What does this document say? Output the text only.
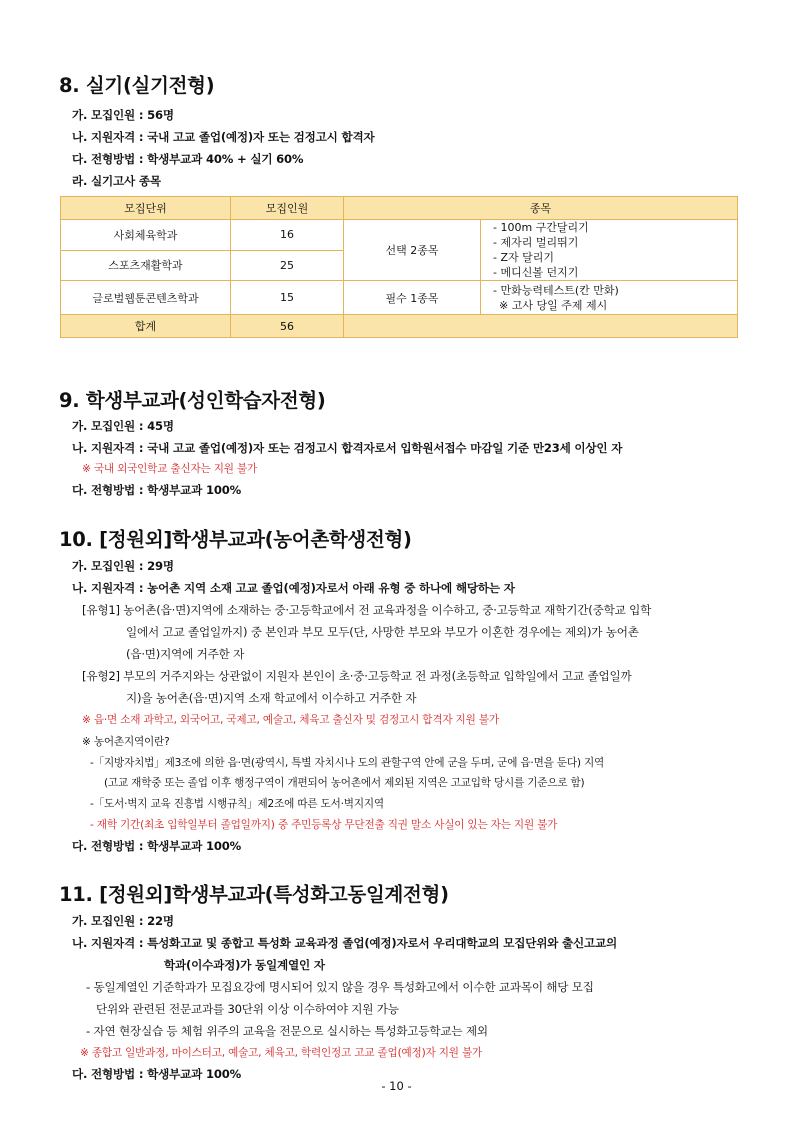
8. 실기(실기전형)

가. 모집인원 : 56명

나. 지원자격 : 국내 고교 졸업(예정)자 또는 검정고시 합격자

다. 전형방법 : 학생부교과 40% + 실기 60%

라. 실기고사 종목

모집단위	모집인원	종목	
사회체육학과	16	선택 2종목	- 100m 구간달리기
- 제자리 멀리뛰기
- Z자 달리기
- 메디신볼 던지기

스포츠재활학과	25		
글로벌웹툰콘텐츠학과	15	필수 1종목	- 만화능력테스트(칸 만화)
※ 고사 당일 주제 제시

합계	56		
9. 학생부교과(성인학습자전형)

가. 모집인원 : 45명

나. 지원자격 : 국내 고교 졸업(예정)자 또는 검정고시 합격자로서 입학원서접수 마감일 기준 만23세 이상인 자

※ 국내 외국인학교 출신자는 지원 불가

다. 전형방법 : 학생부교과 100%

10. [정원외]학생부교과(농어촌학생전형)

가. 모집인원 : 29명

나. 지원자격 : 농어촌 지역 소재 고교 졸업(예정)자로서 아래 유형 중 하나에 해당하는 자

[유형1] 농어촌(읍·면)지역에 소재하는 중·고등학교에서 전 교육과정을 이수하고, 중·고등학교 재학기간(중학교 입학

일에서 고교 졸업일까지) 중 본인과 부모 모두(단, 사망한 부모와 부모가 이혼한 경우에는 제외)가 농어촌

(읍·면)지역에 거주한 자

[유형2] 부모의 거주지와는 상관없이 지원자 본인이 초·중·고등학교 전 과정(초등학교 입학일에서 고교 졸업일까

지)을 농어촌(읍·면)지역 소재 학교에서 이수하고 거주한 자

※ 읍·면 소재 과학고, 외국어고, 국제고, 예술고, 체육고 출신자 및 검정고시 합격자 지원 불가

※ 농어촌지역이란?

-「지방자치법」제3조에 의한 읍·면(광역시, 특별 자치시나 도의 관할구역 안에 군을 두며, 군에 읍·면을 둔다) 지역

(고교 재학중 또는 졸업 이후 행정구역이 개편되어 농어촌에서 제외된 지역은 고교입학 당시를 기준으로 함)

-「도서·벽지 교육 진흥법 시행규칙」제2조에 따른 도서·벽지지역

- 재학 기간(최초 입학일부터 졸업일까지) 중 주민등록상 무단전출 직권 말소 사실이 있는 자는 지원 불가

다. 전형방법 : 학생부교과 100%

11. [정원외]학생부교과(특성화고동일계전형)

가. 모집인원 : 22명

나. 지원자격 : 특성화고교 및 종합고 특성화 교육과정 졸업(예정)자로서 우리대학교의 모집단위와 출신고교의

학과(이수과정)가 동일계열인 자

- 동일계열인 기준학과가 모집요강에 명시되어 있지 않을 경우 특성화고에서 이수한 교과목이 해당 모집

단위와 관련된 전문교과를 30단위 이상 이수하여야 지원 가능

- 자연 현장실습 등 체험 위주의 교육을 전문으로 실시하는 특성화고등학교는 제외

※ 종합고 일반과정, 마이스터고, 예술고, 체육고, 학력인정고 고교 졸업(예정)자 지원 불가

다. 전형방법 : 학생부교과 100%

- 10 -
